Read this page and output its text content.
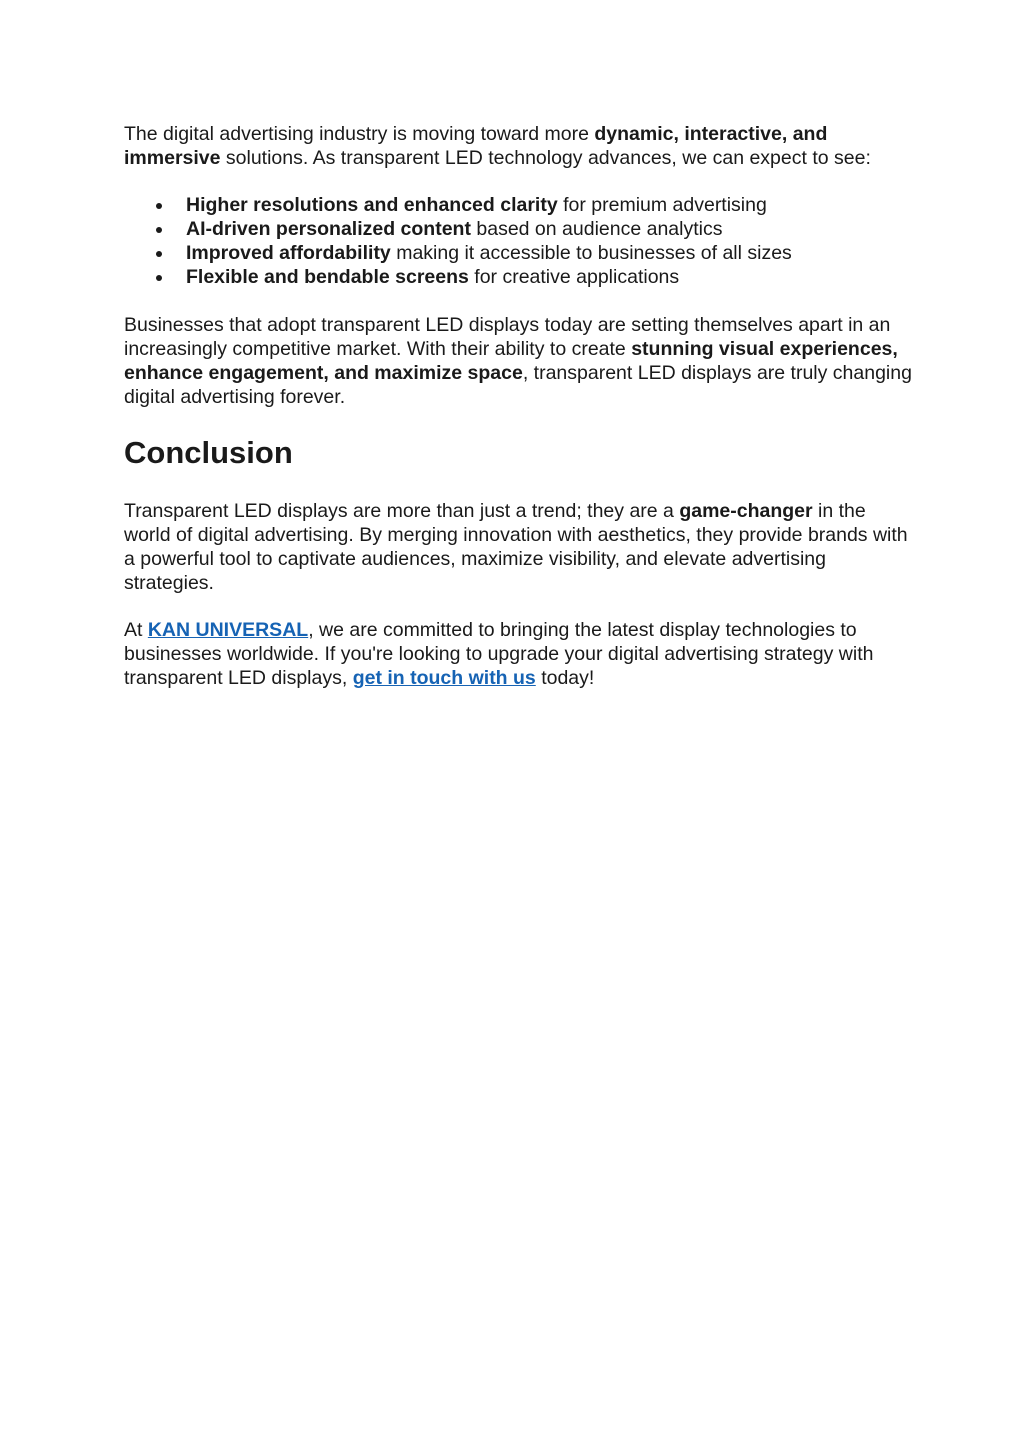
The digital advertising industry is moving toward more dynamic, interactive, and immersive solutions. As transparent LED technology advances, we can expect to see:

Higher resolutions and enhanced clarity for premium advertising
AI-driven personalized content based on audience analytics
Improved affordability making it accessible to businesses of all sizes
Flexible and bendable screens for creative applications

Businesses that adopt transparent LED displays today are setting themselves apart in an increasingly competitive market. With their ability to create stunning visual experiences, enhance engagement, and maximize space, transparent LED displays are truly changing digital advertising forever.

Conclusion

Transparent LED displays are more than just a trend; they are a game-changer in the world of digital advertising. By merging innovation with aesthetics, they provide brands with a powerful tool to captivate audiences, maximize visibility, and elevate advertising strategies.

At KAN UNIVERSAL, we are committed to bringing the latest display technologies to businesses worldwide. If you're looking to upgrade your digital advertising strategy with transparent LED displays, get in touch with us today!
